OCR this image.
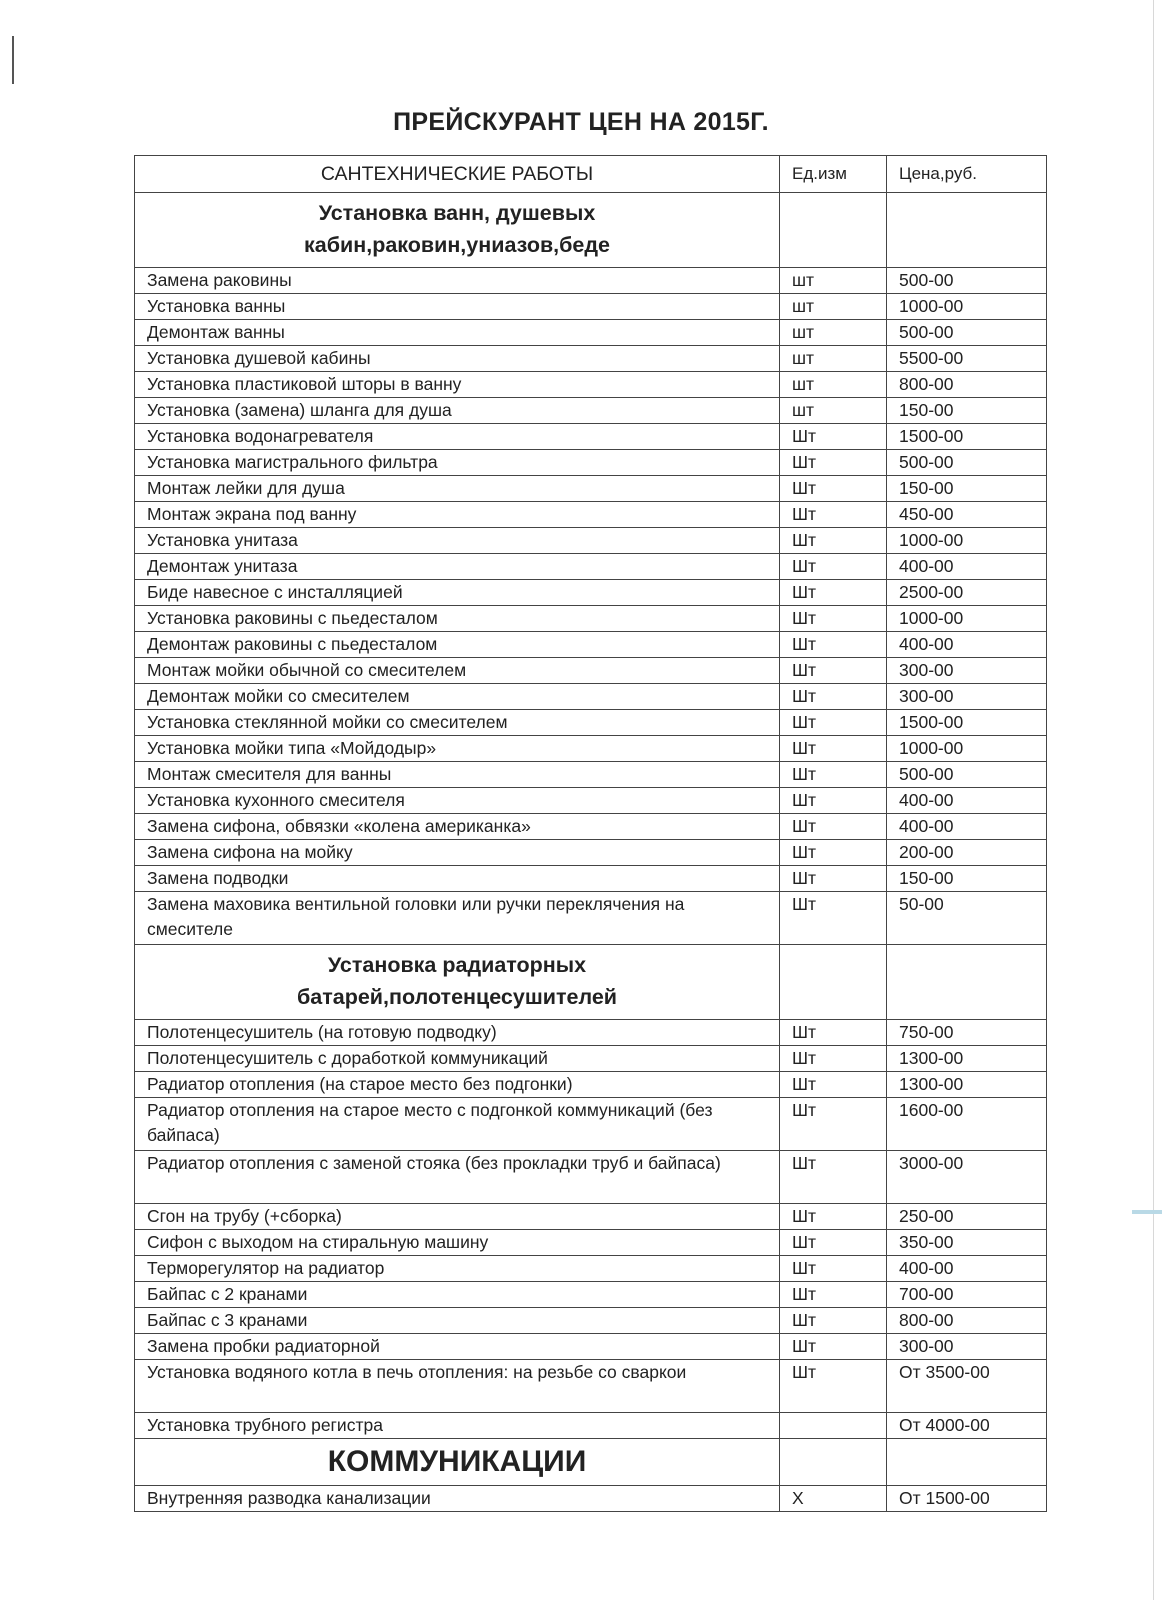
ПРЕЙСКУРАНТ ЦЕН НА 2015Г.
САНТЕХНИЧЕСКИЕ РАБОТЫ	Ед.изм	Цена,руб.

Установка ванн, душевых
кабин,раковин,униазов,беде		

Замена раковины	шт	500-00
Установка ванны	шт	1000-00
Демонтаж ванны	шт	500-00
Установка душевой кабины	шт	5500-00
Установка пластиковой шторы в ванну	шт	800-00
Установка (замена) шланга для душа	шт	150-00
Установка водонагревателя	Шт	1500-00
Установка магистрального фильтра	Шт	500-00
Монтаж лейки для душа	Шт	150-00
Монтаж экрана под ванну	Шт	450-00
Установка унитаза	Шт	1000-00
Демонтаж унитаза	Шт	400-00
Биде навесное с инсталляцией	Шт	2500-00
Установка раковины с пьедесталом	Шт	1000-00
Демонтаж раковины с пьедесталом	Шт	400-00
Монтаж мойки обычной со смесителем	Шт	300-00
Демонтаж мойки со смесителем	Шт	300-00
Установка стеклянной мойки со смесителем	Шт	1500-00
Установка мойки типа «Мойдодыр»	Шт	1000-00
Монтаж смесителя для ванны	Шт	500-00
Установка кухонного смесителя	Шт	400-00
Замена сифона, обвязки «колена американка»	Шт	400-00
Замена сифона на мойку	Шт	200-00
Замена подводки	Шт	150-00
Замена маховика вентильной головки или ручки переклячения на смесителе	Шт	50-00

Установка радиаторных
батарей,полотенцесушителей		

Полотенцесушитель (на готовую подводку)	Шт	750-00
Полотенцесушитель с доработкой коммуникаций	Шт	1300-00
Радиатор отопления (на старое место без подгонки)	Шт	1300-00
Радиатор отопления на старое место с подгонкой коммуникаций (без байпаса)	Шт	1600-00
Радиатор отопления с заменой стояка (без прокладки труб и байпаса)	Шт	3000-00
Сгон на трубу (+сборка)	Шт	250-00
Сифон с выходом на стиральную машину	Шт	350-00
Терморегулятор на радиатор	Шт	400-00
Байпас с 2 кранами	Шт	700-00
Байпас с 3 кранами	Шт	800-00
Замена пробки радиаторной	Шт	300-00
Установка водяного котла в печь отопления: на резьбе со сваркои	Шт	От 3500-00
Установка трубного регистра		От 4000-00

КОММУНИКАЦИИ		

Внутренняя разводка канализации	Х	От 1500-00
